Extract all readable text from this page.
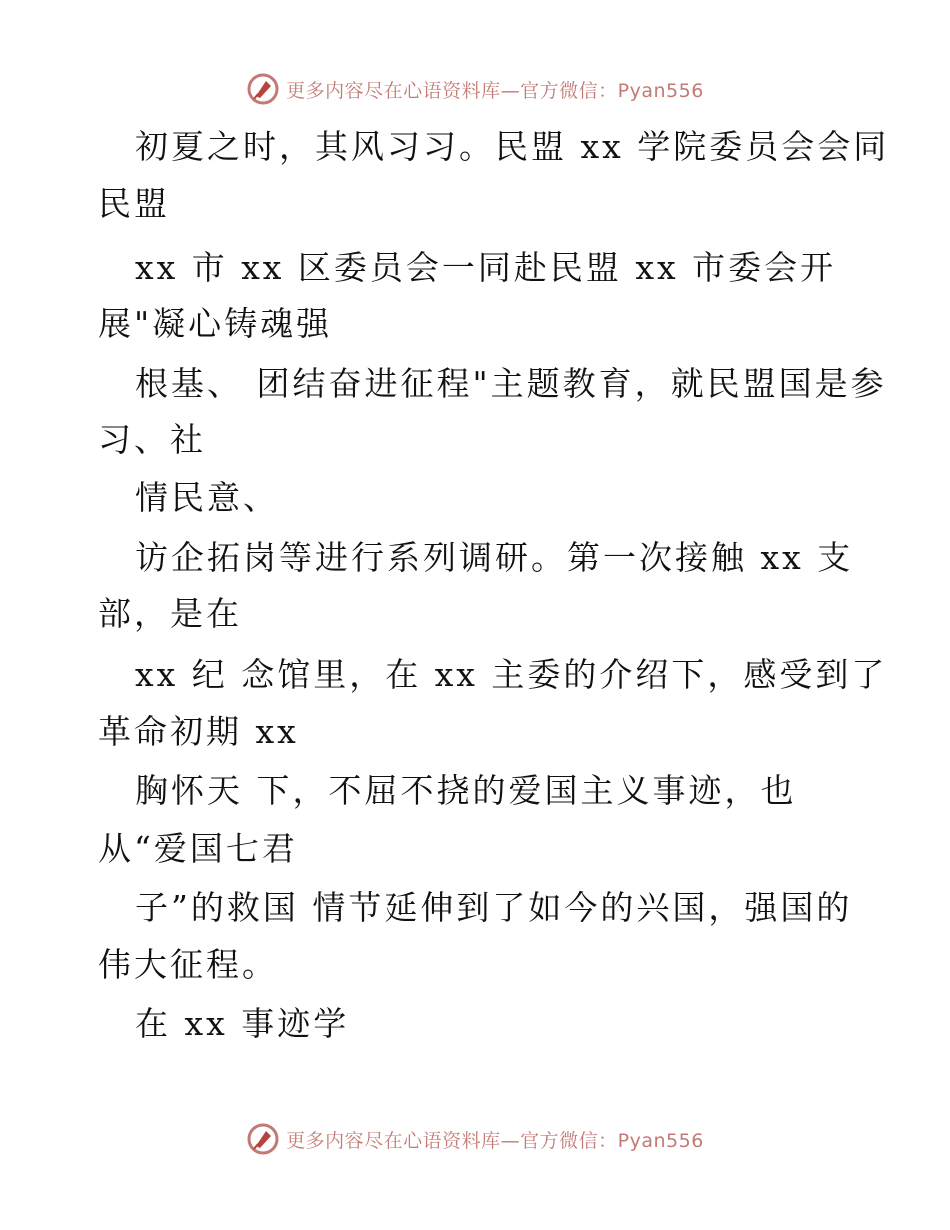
更多内容尽在心语资料库—官方微信：Pyan556
初夏之时，其风习习。民盟 xx 学院委员会会同
民盟
xx 市 xx 区委员会一同赴民盟 xx 市委会开
展"凝心铸魂强
根基、 团结奋进征程"主题教育，就民盟国是参
习、社
情民意、
访企拓岗等进行系列调研。第一次接触 xx 支
部，是在
xx 纪 念馆里，在 xx 主委的介绍下，感受到了
革命初期 xx
胸怀天 下，不屈不挠的爱国主义事迹，也
从“爱国七君
子”的救国 情节延伸到了如今的兴国，强国的
伟大征程。
在 xx 事迹学
更多内容尽在心语资料库—官方微信：Pyan556
